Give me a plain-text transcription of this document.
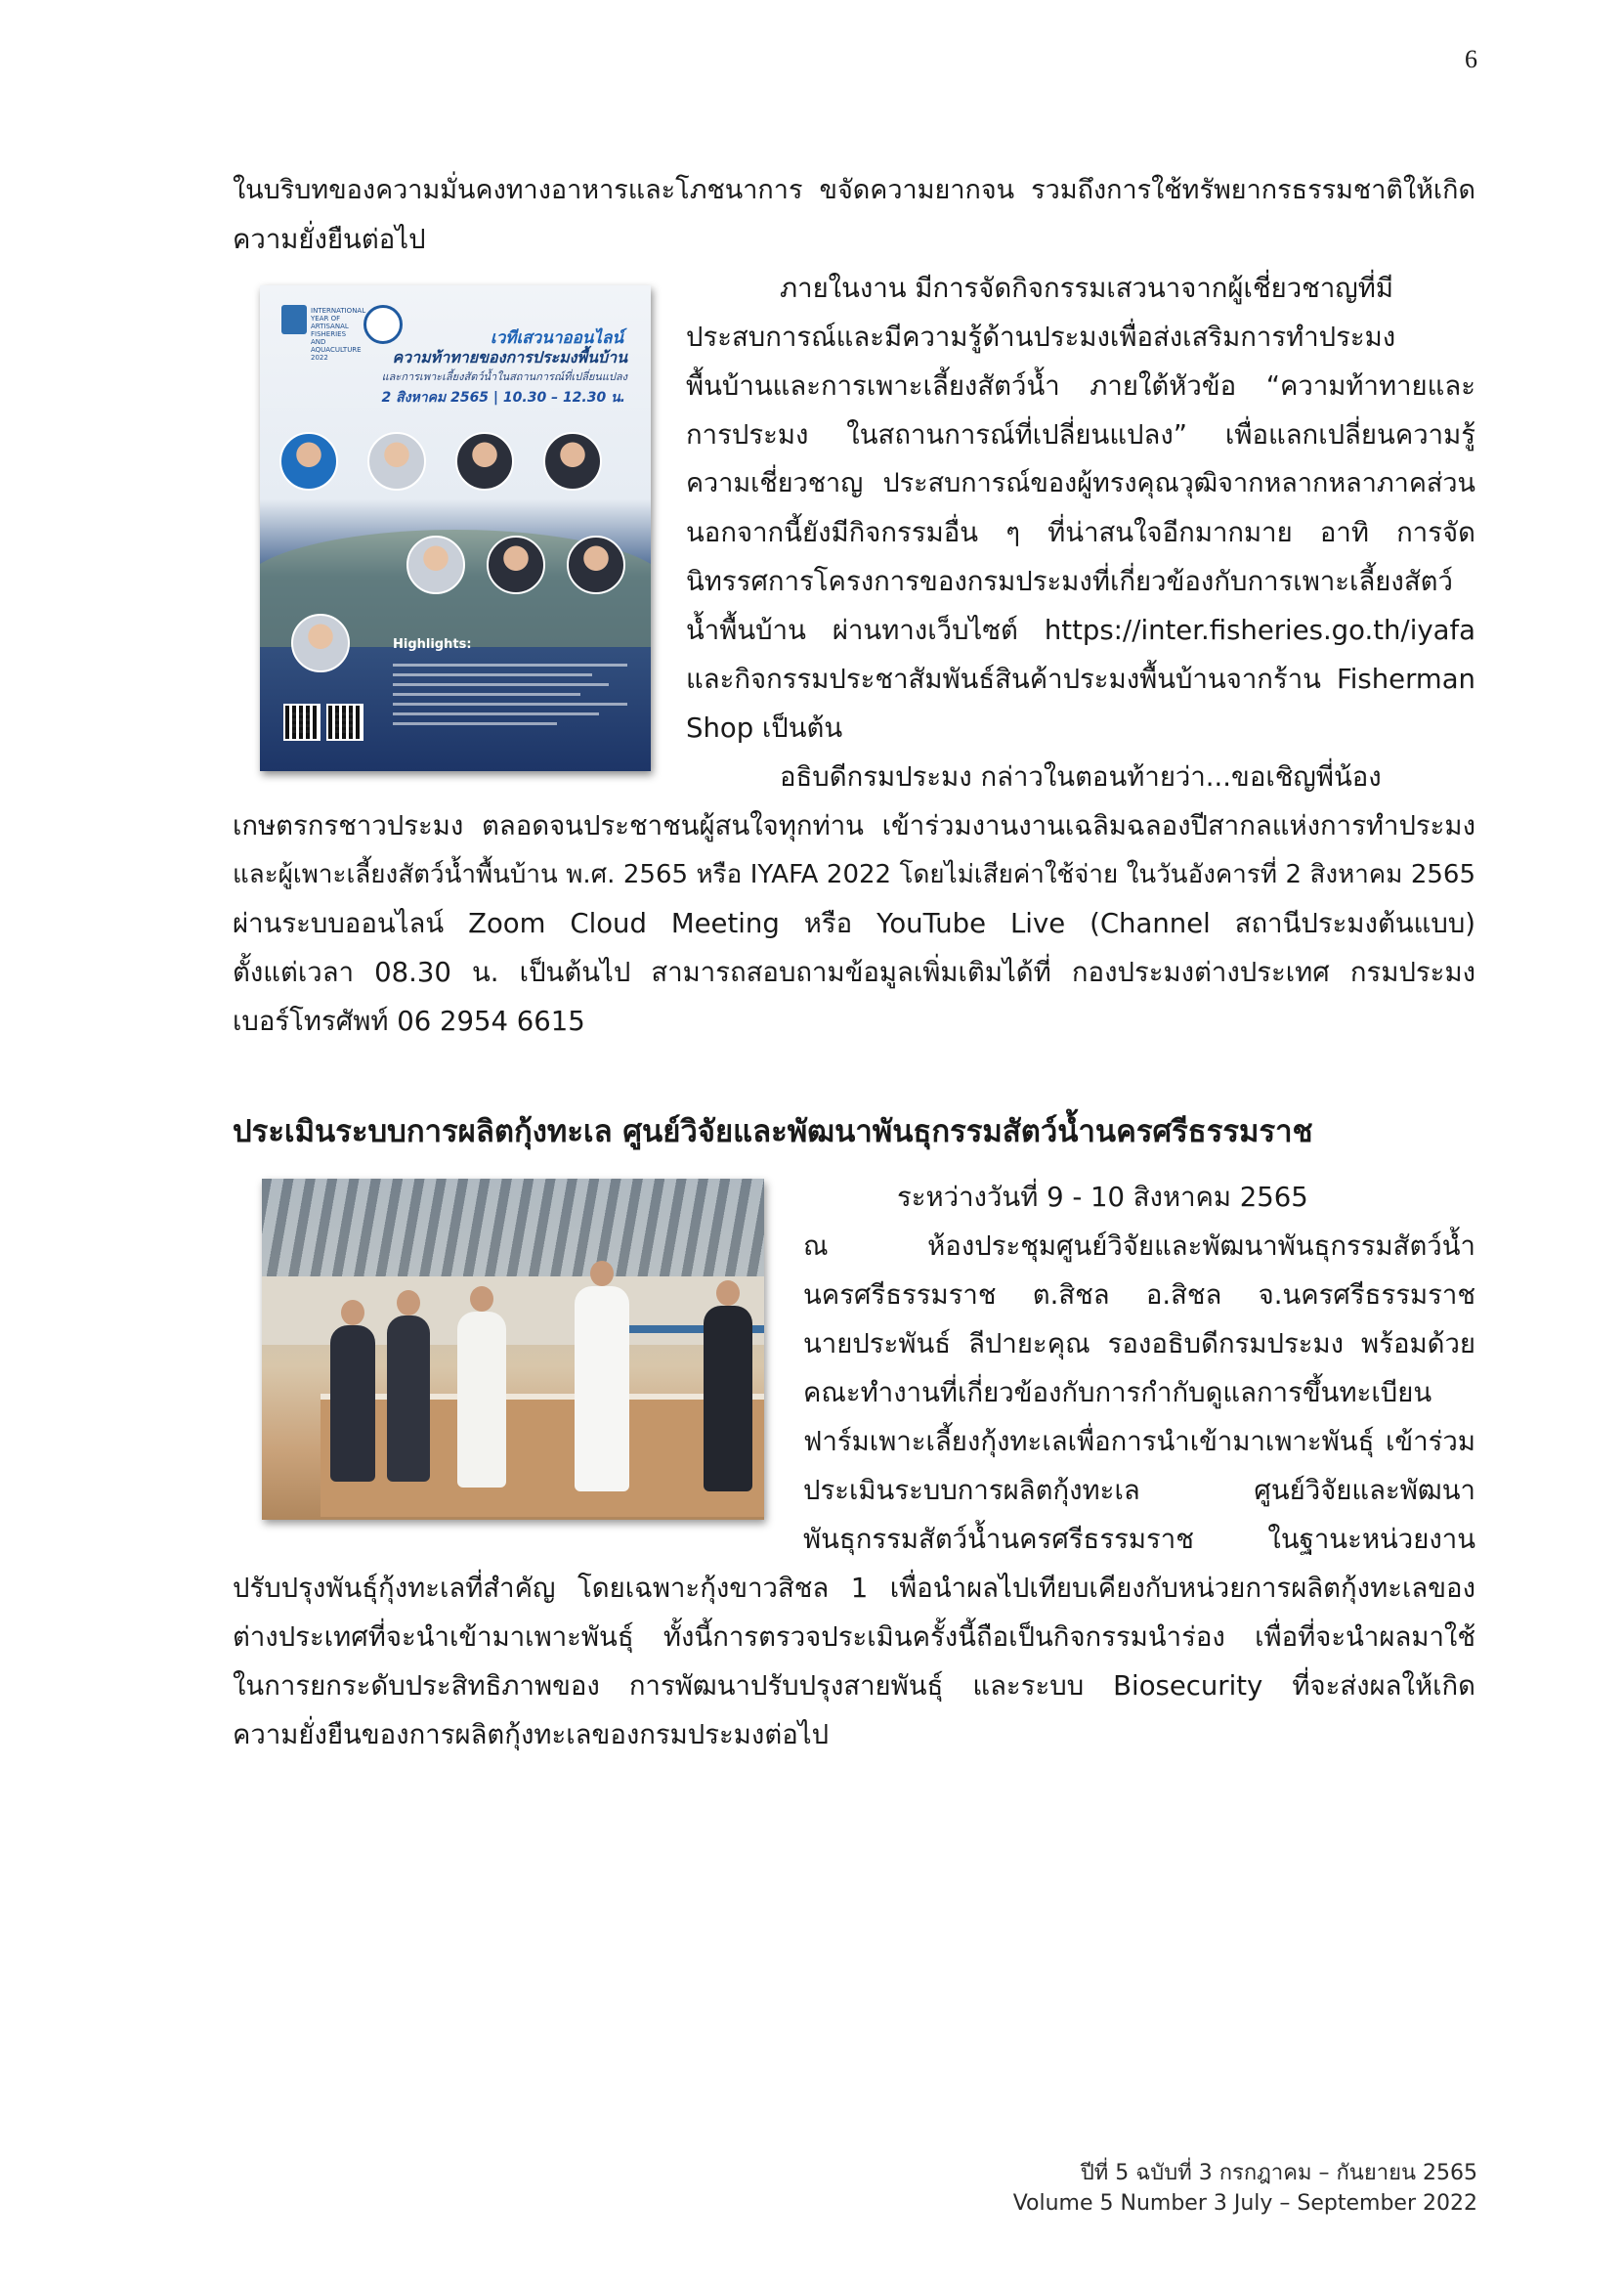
6
ในบริบทของความมั่นคงทางอาหารและโภชนาการ ขจัดความยากจน รวมถึงการใช้ทรัพยากรธรรมชาติให้เกิด
ความยั่งยืนต่อไป
INTERNATIONAL YEAR OF ARTISANAL FISHERIES AND AQUACULTURE 2022
เวทีเสวนาออนไลน์
ความท้าทายของการประมงพื้นบ้าน
และการเพาะเลี้ยงสัตว์น้ำในสถานการณ์ที่เปลี่ยนแปลง
2 สิงหาคม 2565 | 10.30 – 12.30 น.
Highlights:
ภายในงาน มีการจัดกิจกรรมเสวนาจากผู้เชี่ยวชาญที่มี
ประสบการณ์และมีความรู้ด้านประมงเพื่อส่งเสริมการทำประมง
พื้นบ้านและการเพาะเลี้ยงสัตว์น้ำ ภายใต้หัวข้อ “ความท้าทายและ
การประมง ในสถานการณ์ที่เปลี่ยนแปลง” เพื่อแลกเปลี่ยนความรู้
ความเชี่ยวชาญ ประสบการณ์ของผู้ทรงคุณวุฒิจากหลากหลาภาคส่วน
นอกจากนี้ยังมีกิจกรรมอื่น ๆ ที่น่าสนใจอีกมากมาย อาทิ การจัด
นิทรรศการโครงการของกรมประมงที่เกี่ยวข้องกับการเพาะเลี้ยงสัตว์
น้ำพื้นบ้าน ผ่านทางเว็บไซต์ https://inter.fisheries.go.th/iyafa
และกิจกรรมประชาสัมพันธ์สินค้าประมงพื้นบ้านจากร้าน Fisherman
Shop เป็นต้น
อธิบดีกรมประมง กล่าวในตอนท้ายว่า...ขอเชิญพี่น้อง
เกษตรกรชาวประมง ตลอดจนประชาชนผู้สนใจทุกท่าน เข้าร่วมงานงานเฉลิมฉลองปีสากลแห่งการทำประมง
และผู้เพาะเลี้ยงสัตว์น้ำพื้นบ้าน พ.ศ. 2565 หรือ IYAFA 2022 โดยไม่เสียค่าใช้จ่าย ในวันอังคารที่ 2 สิงหาคม 2565
ผ่านระบบออนไลน์ Zoom Cloud Meeting หรือ YouTube Live (Channel สถานีประมงต้นแบบ)
ตั้งแต่เวลา 08.30 น. เป็นต้นไป สามารถสอบถามข้อมูลเพิ่มเติมได้ที่ กองประมงต่างประเทศ กรมประมง
เบอร์โทรศัพท์ 06 2954 6615
ประเมินระบบการผลิตกุ้งทะเล ศูนย์วิจัยและพัฒนาพันธุกรรมสัตว์น้ำนครศรีธรรมราช
ระหว่างวันที่ 9 - 10 สิงหาคม 2565
ณ ห้องประชุมศูนย์วิจัยและพัฒนาพันธุกรรมสัตว์น้ำ
นครศรีธรรมราช ต.สิชล อ.สิชล จ.นครศรีธรรมราช
นายประพันธ์ ลีปายะคุณ รองอธิบดีกรมประมง พร้อมด้วย
คณะทำงานที่เกี่ยวข้องกับการกำกับดูแลการขึ้นทะเบียน
ฟาร์มเพาะเลี้ยงกุ้งทะเลเพื่อการนำเข้ามาเพาะพันธุ์ เข้าร่วม
ประเมินระบบการผลิตกุ้งทะเล ศูนย์วิจัยและพัฒนา
พันธุกรรมสัตว์น้ำนครศรีธรรมราช ในฐานะหน่วยงาน
ปรับปรุงพันธุ์กุ้งทะเลที่สำคัญ โดยเฉพาะกุ้งขาวสิชล 1 เพื่อนำผลไปเทียบเคียงกับหน่วยการผลิตกุ้งทะเลของ
ต่างประเทศที่จะนำเข้ามาเพาะพันธุ์ ทั้งนี้การตรวจประเมินครั้งนี้ถือเป็นกิจกรรมนำร่อง เพื่อที่จะนำผลมาใช้
ในการยกระดับประสิทธิภาพของ การพัฒนาปรับปรุงสายพันธุ์ และระบบ Biosecurity ที่จะส่งผลให้เกิด
ความยั่งยืนของการผลิตกุ้งทะเลของกรมประมงต่อไป
ปีที่ 5 ฉบับที่ 3 กรกฎาคม – กันยายน 2565
Volume 5 Number 3 July – September 2022
